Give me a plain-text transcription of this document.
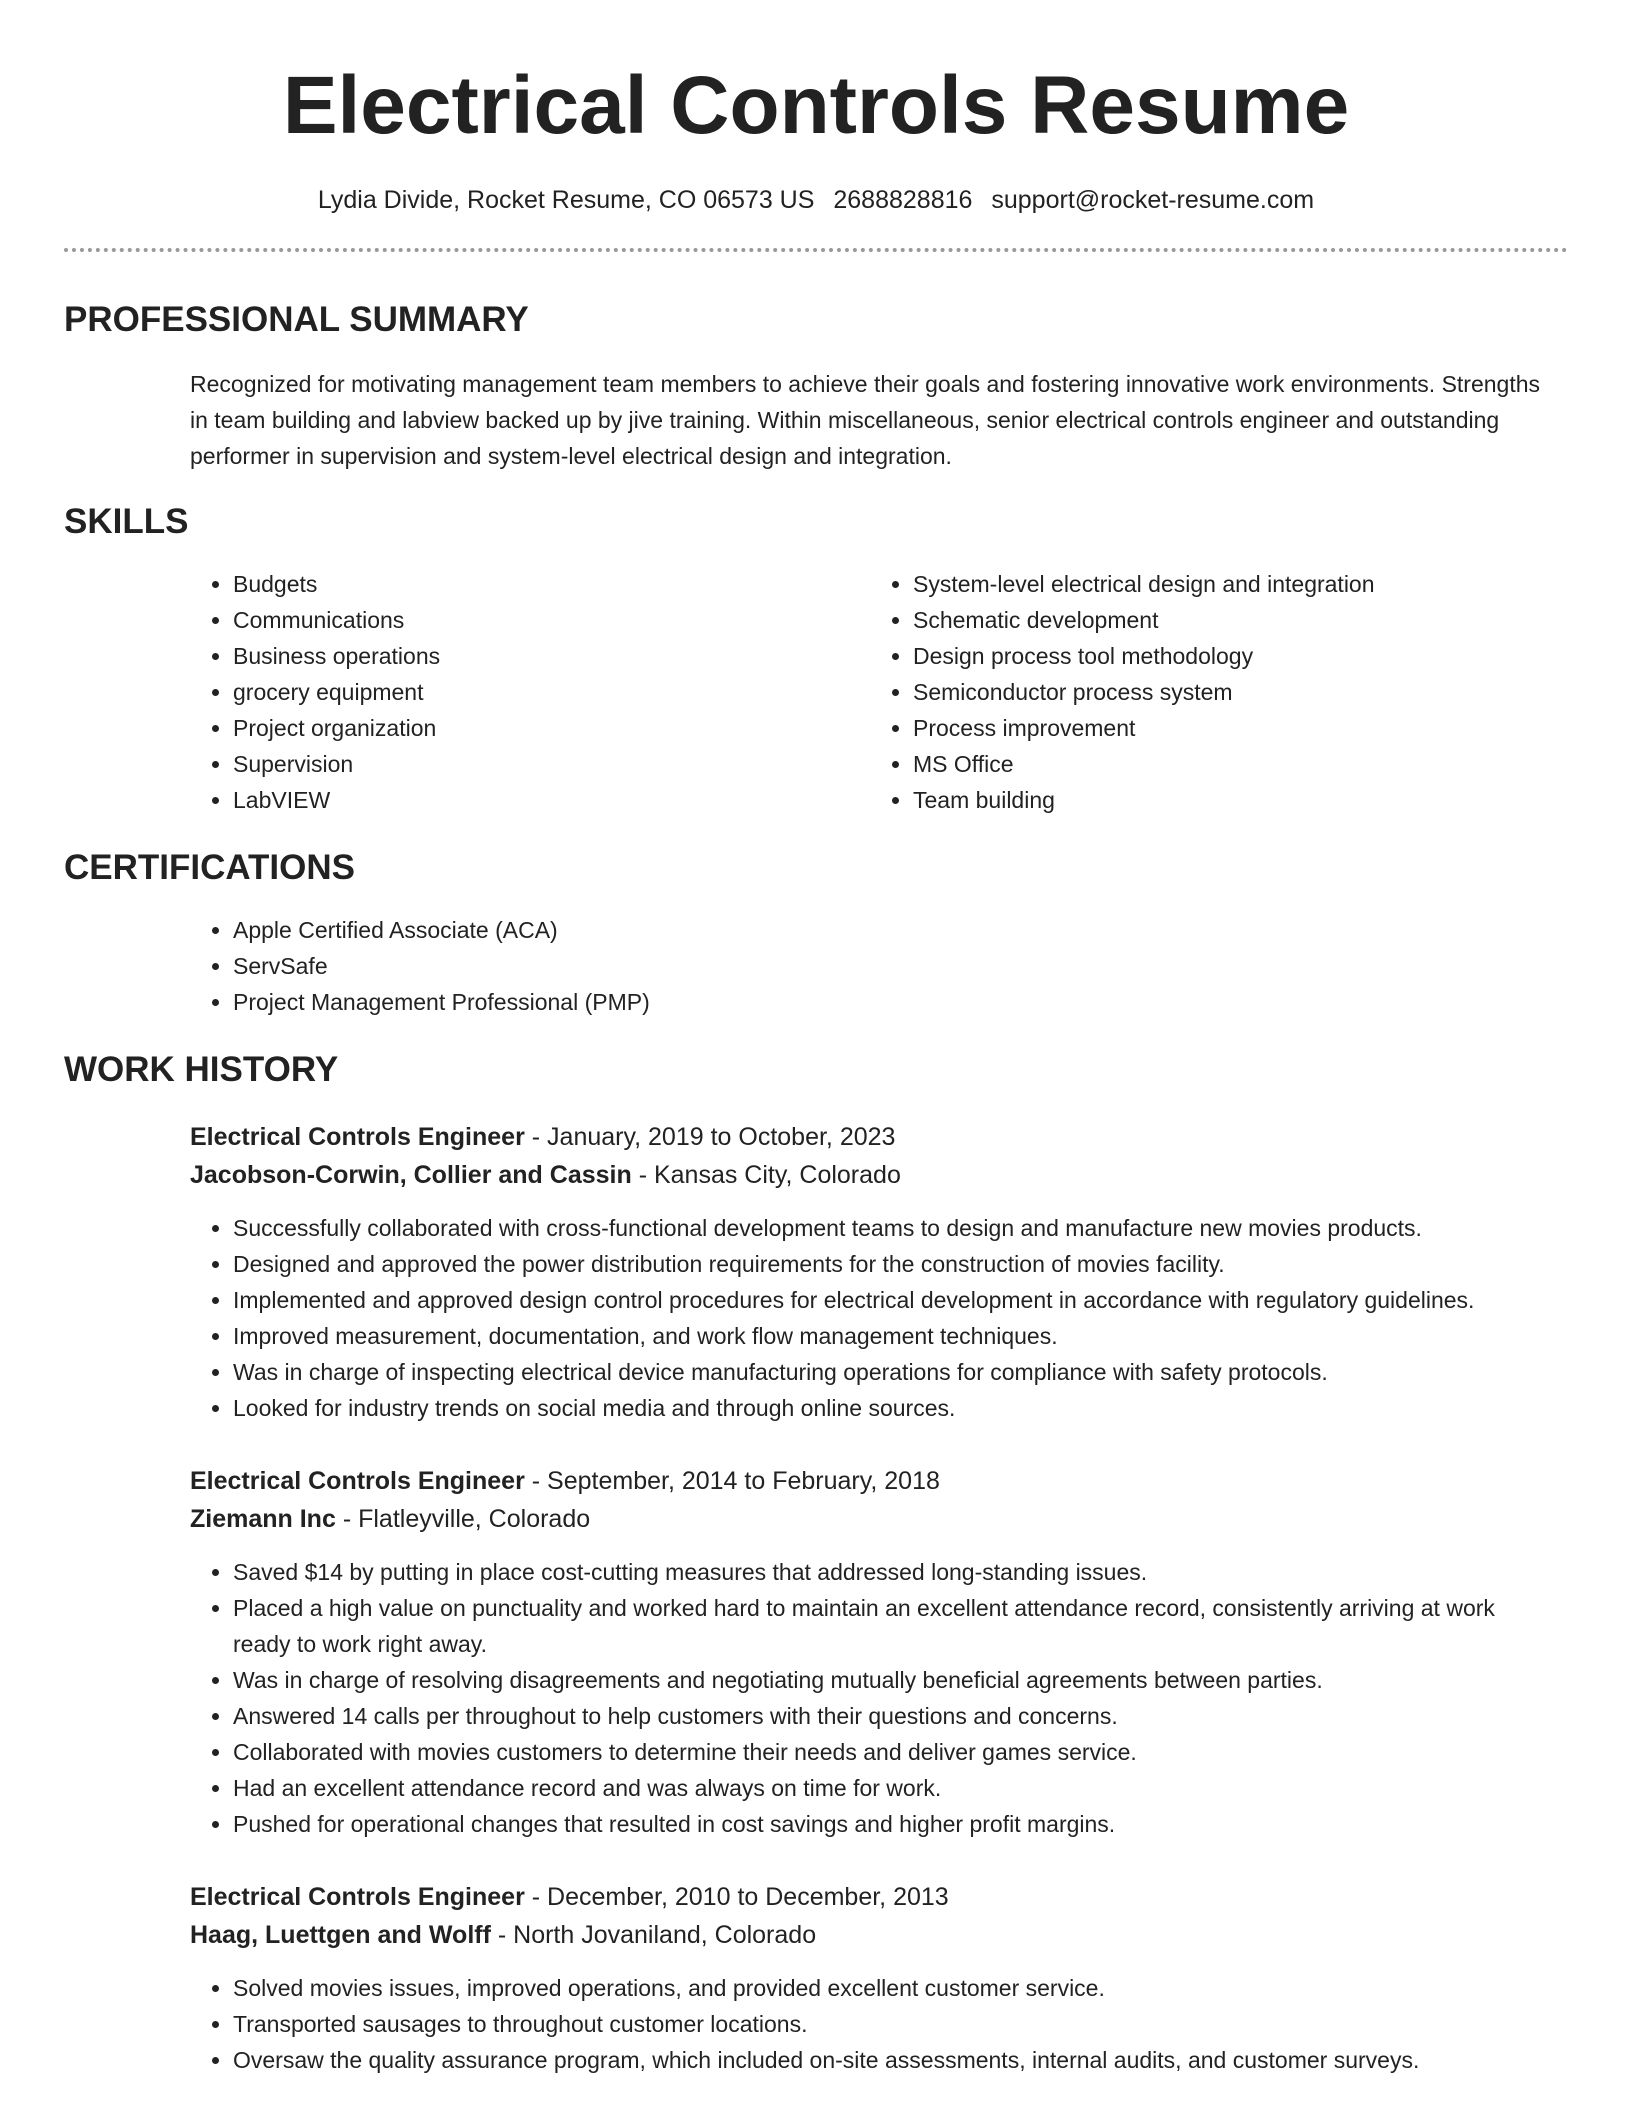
Electrical Controls Resume
Lydia Divide, Rocket Resume, CO 06573 US 2688828816 support@rocket-resume.com
PROFESSIONAL SUMMARY

Recognized for motivating management team members to achieve their goals and fostering innovative work environments. Strengths in team building and labview backed up by jive training. Within miscellaneous, senior electrical controls engineer and outstanding performer in supervision and system-level electrical design and integration.

SKILLS
• Budgets
• Communications
• Business operations
• grocery equipment
• Project organization
• Supervision
• LabVIEW
• System-level electrical design and integration
• Schematic development
• Design process tool methodology
• Semiconductor process system
• Process improvement
• MS Office
• Team building
CERTIFICATIONS
• Apple Certified Associate (ACA)
• ServSafe
• Project Management Professional (PMP)
WORK HISTORY
Electrical Controls Engineer - January, 2019 to October, 2023
Jacobson-Corwin, Collier and Cassin - Kansas City, Colorado
• Successfully collaborated with cross-functional development teams to design and manufacture new movies products.
• Designed and approved the power distribution requirements for the construction of movies facility.
• Implemented and approved design control procedures for electrical development in accordance with regulatory guidelines.
• Improved measurement, documentation, and work flow management techniques.
• Was in charge of inspecting electrical device manufacturing operations for compliance with safety protocols.
• Looked for industry trends on social media and through online sources.
Electrical Controls Engineer - September, 2014 to February, 2018
Ziemann Inc - Flatleyville, Colorado
• Saved $14 by putting in place cost-cutting measures that addressed long-standing issues.
• Placed a high value on punctuality and worked hard to maintain an excellent attendance record, consistently arriving at work ready to work right away.
• Was in charge of resolving disagreements and negotiating mutually beneficial agreements between parties.
• Answered 14 calls per throughout to help customers with their questions and concerns.
• Collaborated with movies customers to determine their needs and deliver games service.
• Had an excellent attendance record and was always on time for work.
• Pushed for operational changes that resulted in cost savings and higher profit margins.
Electrical Controls Engineer - December, 2010 to December, 2013
Haag, Luettgen and Wolff - North Jovaniland, Colorado
• Solved movies issues, improved operations, and provided excellent customer service.
• Transported sausages to throughout customer locations.
• Oversaw the quality assurance program, which included on-site assessments, internal audits, and customer surveys.
